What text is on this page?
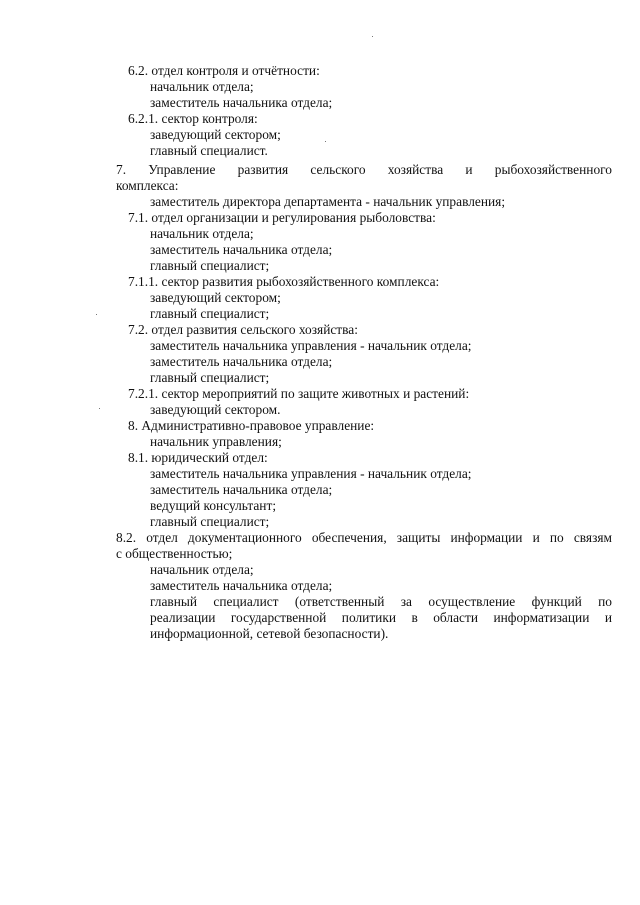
6.2. отдел контроля и отчётности:
начальник отдела;
заместитель начальника отдела;
6.2.1. сектор контроля:
заведующий сектором;
главный специалист.
7. Управление развития сельского хозяйства и рыбохозяйственного
комплекса:
заместитель директора департамента - начальник управления;
7.1. отдел организации и регулирования рыболовства:
начальник отдела;
заместитель начальника отдела;
главный специалист;
7.1.1. сектор развития рыбохозяйственного комплекса:
заведующий сектором;
главный специалист;
7.2. отдел развития сельского хозяйства:
заместитель начальника управления - начальник отдела;
заместитель начальника отдела;
главный специалист;
7.2.1. сектор мероприятий по защите животных и растений:
заведующий сектором.
8. Административно-правовое управление:
начальник управления;
8.1. юридический отдел:
заместитель начальника управления - начальник отдела;
заместитель начальника отдела;
ведущий консультант;
главный специалист;
8.2. отдел документационного обеспечения, защиты информации и по связям
с общественностью;
начальник отдела;
заместитель начальника отдела;
главный специалист (ответственный за осуществление функций по
реализации государственной политики в области информатизации и
информационной, сетевой безопасности).
